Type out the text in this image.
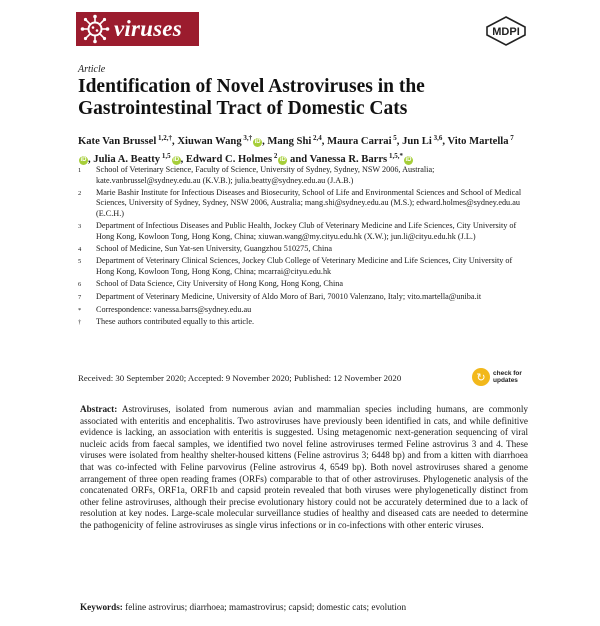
viruses	MDPI
Article
Identification of Novel Astroviruses in the Gastrointestinal Tract of Domestic Cats
Kate Van Brussel $^{1,2,\dagger}$, Xiuwan Wang $^{3,\dagger}$ iD , Mang Shi $^{2,4}$, Maura Carrai $^5$, Jun Li $^{3,6}$, Vito Martella $^7$iD , Julia A. Beatty $^{1,5}$ iD , Edward C. Holmes $^2$ iD and Vanessa R. Barrs $^{1,5,*}$ iD
1	School of Veterinary Science, Faculty of Science, University of Sydney, Sydney, NSW 2006, Australia; kate.vanbrussel@sydney.edu.au (K.V.B.); julia.beatty@sydney.edu.au (J.A.B.)
2	Marie Bashir Institute for Infectious Diseases and Biosecurity, School of Life and Environmental Sciences and School of Medical Sciences, University of Sydney, Sydney, NSW 2006, Australia; mang.shi@sydney.edu.au (M.S.); edward.holmes@sydney.edu.au (E.C.H.)
3	Department of Infectious Diseases and Public Health, Jockey Club of Veterinary Medicine and Life Sciences, City University of Hong Kong, Kowloon Tong, Hong Kong, China; xiuwan.wang@my.cityu.edu.hk (X.W.); jun.li@cityu.edu.hk (J.L.)
4	School of Medicine, Sun Yat-sen University, Guangzhou 510275, China
5	Department of Veterinary Clinical Sciences, Jockey Club College of Veterinary Medicine and Life Sciences, City University of Hong Kong, Kowloon Tong, Hong Kong, China; mcarrai@cityu.edu.hk
6	School of Data Science, City University of Hong Kong, Hong Kong, China
7	Department of Veterinary Medicine, University of Aldo Moro of Bari, 70010 Valenzano, Italy; vito.martella@uniba.it
*	Correspondence: vanessa.barrs@sydney.edu.au
†	These authors contributed equally to this article.
Received: 30 September 2020; Accepted: 9 November 2020; Published: 12 November 2020	↻	check for
updates
Abstract: Astroviruses, isolated from numerous avian and mammalian species including humans, are commonly associated with enteritis and encephalitis. Two astroviruses have previously been identified in cats, and while definitive evidence is lacking, an association with enteritis is suggested. Using metagenomic next-generation sequencing of viral nucleic acids from faecal samples, we identified two novel feline astroviruses termed Feline astrovirus 3 and 4. These viruses were isolated from healthy shelter-housed kittens (Feline astrovirus 3; 6448 bp) and from a kitten with diarrhoea that was co-infected with Feline parvovirus (Feline astrovirus 4, 6549 bp). Both novel astroviruses shared a genome arrangement of three open reading frames (ORFs) comparable to that of other astroviruses. Phylogenetic analysis of the concatenated ORFs, ORF1a, ORF1b and capsid protein revealed that both viruses were phylogenetically distinct from other feline astroviruses, although their precise evolutionary history could not be accurately determined due to a lack of resolution at key nodes. Large-scale molecular surveillance studies of healthy and diseased cats are needed to determine the pathogenicity of feline astroviruses as single virus infections or in co-infections with other enteric viruses.
Keywords: feline astrovirus; diarrhoea; mamastrovirus; capsid; domestic cats; evolution
